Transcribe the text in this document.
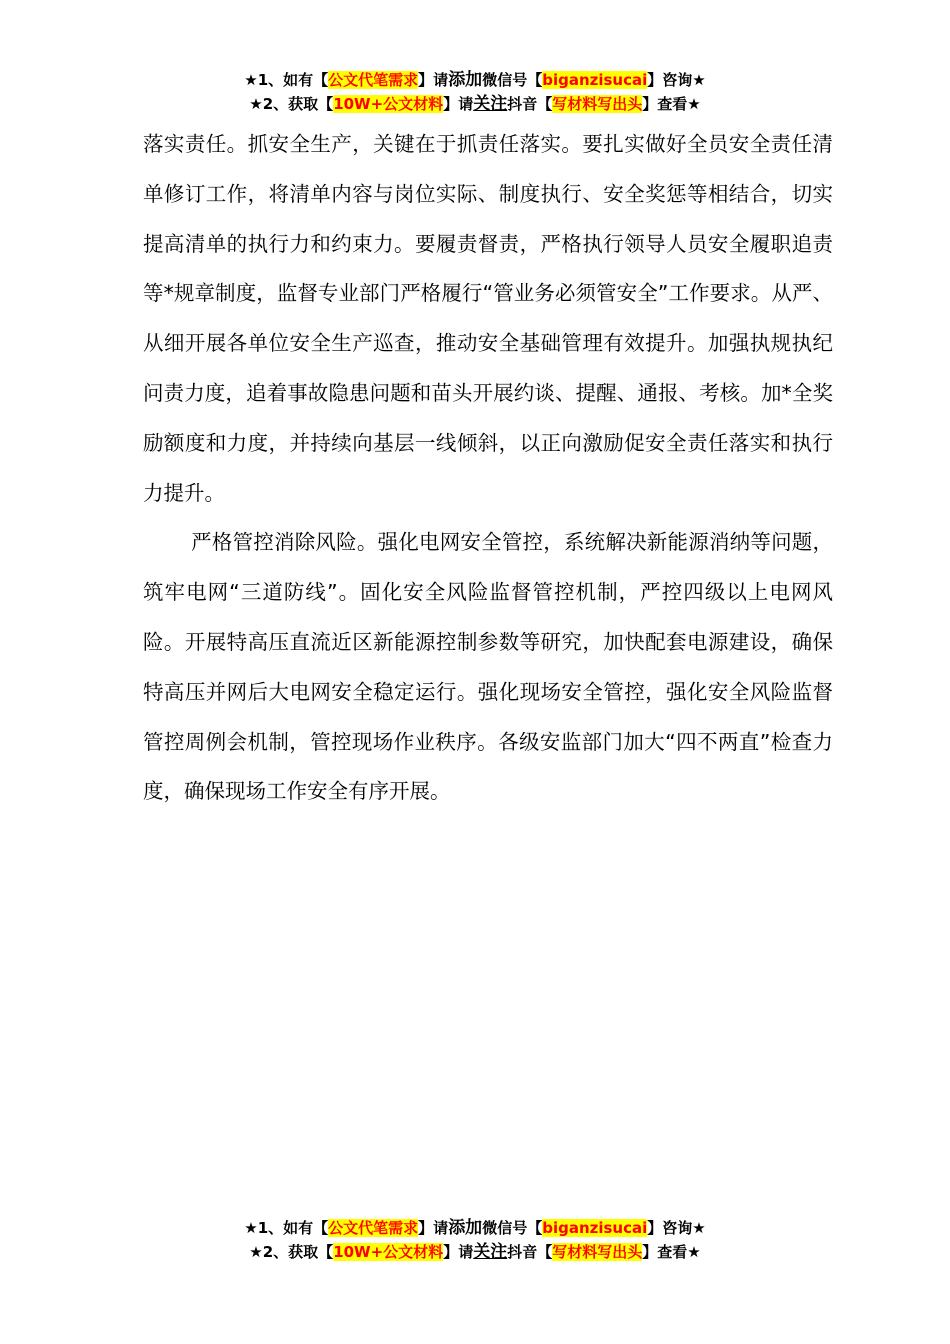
★1、如有【公文代笔需求】请添加微信号【biganzisucai】咨询★
★2、获取【10W+公文材料】请关注抖音【写材料写出头】查看★

落实责任。抓安全生产，关键在于抓责任落实。要扎实做好全员安全责任清单修订工作，将清单内容与岗位实际、制度执行、安全奖惩等相结合，切实提高清单的执行力和约束力。要履责督责，严格执行领导人员安全履职追责等*规章制度，监督专业部门严格履行“管业务必须管安全”工作要求。从严、从细开展各单位安全生产巡查，推动安全基础管理有效提升。加强执规执纪问责力度，追着事故隐患问题和苗头开展约谈、提醒、通报、考核。加*全奖励额度和力度，并持续向基层一线倾斜，以正向激励促安全责任落实和执行力提升。

严格管控消除风险。强化电网安全管控，系统解决新能源消纳等问题，筑牢电网“三道防线”。固化安全风险监督管控机制，严控四级以上电网风险。开展特高压直流近区新能源控制参数等研究，加快配套电源建设，确保特高压并网后大电网安全稳定运行。强化现场安全管控，强化安全风险监督管控周例会机制，管控现场作业秩序。各级安监部门加大“四不两直”检查力度，确保现场工作安全有序开展。

★1、如有【公文代笔需求】请添加微信号【biganzisucai】咨询★
★2、获取【10W+公文材料】请关注抖音【写材料写出头】查看★
